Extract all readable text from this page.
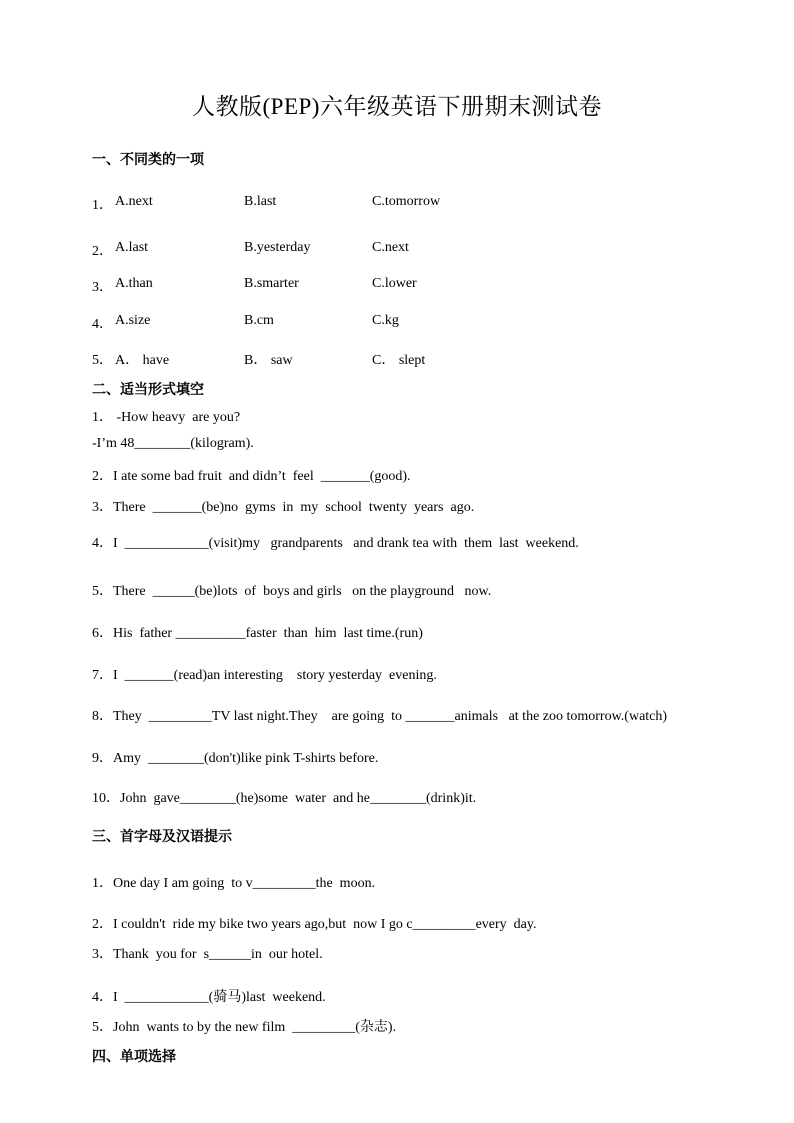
人教版(PEP)六年级英语下册期末测试卷
一、不同类的一项
1． A.next	B.last	C.tomorrow
2． A.last	B.yesterday	C.next
3． A.than	B.smarter	C.lower
4． A.size	B.cm	C.kg
5． A． have	B． saw	C． slept
二、适当形式填空
1． -How heavy  are you?
-I’m 48________(kilogram).
2．I ate some bad fruit  and didn’t  feel  _______(good).
3．There  _______(be)no  gyms  in  my  school  twenty  years  ago.
4．I  ____________(visit)my   grandparents   and drank tea with  them  last  weekend.
5．There  ______(be)lots  of  boys and girls   on the playground   now.
6．His  father __________faster  than  him  last time.(run)
7．I  _______(read)an interesting    story yesterday  evening.
8．They  _________TV last night.They    are going  to _______animals   at the zoo tomorrow.(watch)
9．Amy  ________(don't)like pink T-shirts before.
10．John  gave________(he)some  water  and he________(drink)it.
三、首字母及汉语提示
1．One day I am going  to v_________the  moon.
2．I couldn't  ride my bike two years ago,but  now I go c_________every  day.
3．Thank  you for  s______in  our hotel.
4．I  ____________(骑马)last  weekend.
5．John  wants to by the new film  _________(杂志).
四、单项选择
